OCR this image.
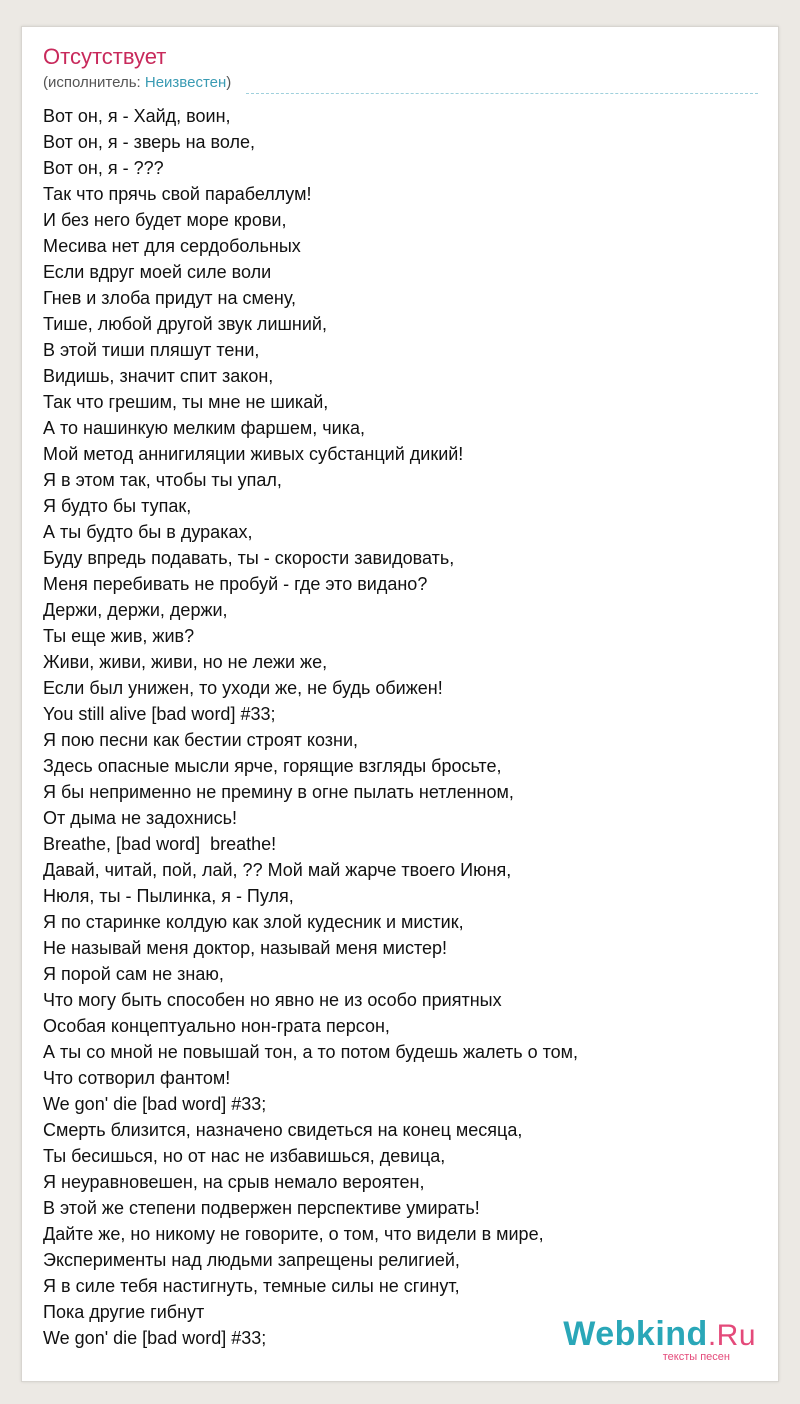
Отсутствует
(исполнитель: Неизвестен)
Вот он, я - Хайд, воин,
Вот он, я - зверь на воле,
Вот он, я - ???
Так что прячь свой парабеллум!
И без него будет море крови,
Месива нет для сердобольных
Если вдруг моей силе воли
Гнев и злоба придут на смену,
Тише, любой другой звук лишний,
В этой тиши пляшут тени,
Видишь, значит спит закон,
Так что грешим, ты мне не шикай,
А то нашинкую мелким фаршем, чика,
Мой метод аннигиляции живых субстанций дикий!
Я в этом так, чтобы ты упал,
Я будто бы тупак,
А ты будто бы в дураках,
Буду впредь подавать, ты - скорости завидовать,
Меня перебивать не пробуй - где это видано?
Держи, держи, держи,
Ты еще жив, жив?
Живи, живи, живи, но не лежи же,
Если был унижен, то уходи же, не будь обижен!
You still alive [bad word] #33;
Я пою песни как бестии строят козни,
Здесь опасные мысли ярче, горящие взгляды бросьте,
Я бы неприменно не премину в огне пылать нетленном,
От дыма не задохнись!
Breathe, [bad word]  breathe!
Давай, читай, пой, лай, ?? Мой май жарче твоего Июня,
Нюля, ты - Пылинка, я - Пуля,
Я по старинке колдую как злой кудесник и мистик,
Не называй меня доктор, называй меня мистер!
Я порой сам не знаю,
Что могу быть способен но явно не из особо приятных
Особая концептуально нон-грата персон,
А ты со мной не повышай тон, а то потом будешь жалеть о том,
Что сотворил фантом!
We gon' die [bad word] #33;
Смерть близится, назначено свидеться на конец месяца,
Ты бесишься, но от нас не избавишься, девица,
Я неуравновешен, на срыв немало вероятен,
В этой же степени подвержен перспективе умирать!
Дайте же, но никому не говорите, о том, что видели в мире,
Эксперименты над людьми запрещены религией,
Я в силе тебя настигнуть, темные силы не сгинут,
Пока другие гибнут
We gon' die [bad word] #33;	Webkind.Ru
тексты песен
